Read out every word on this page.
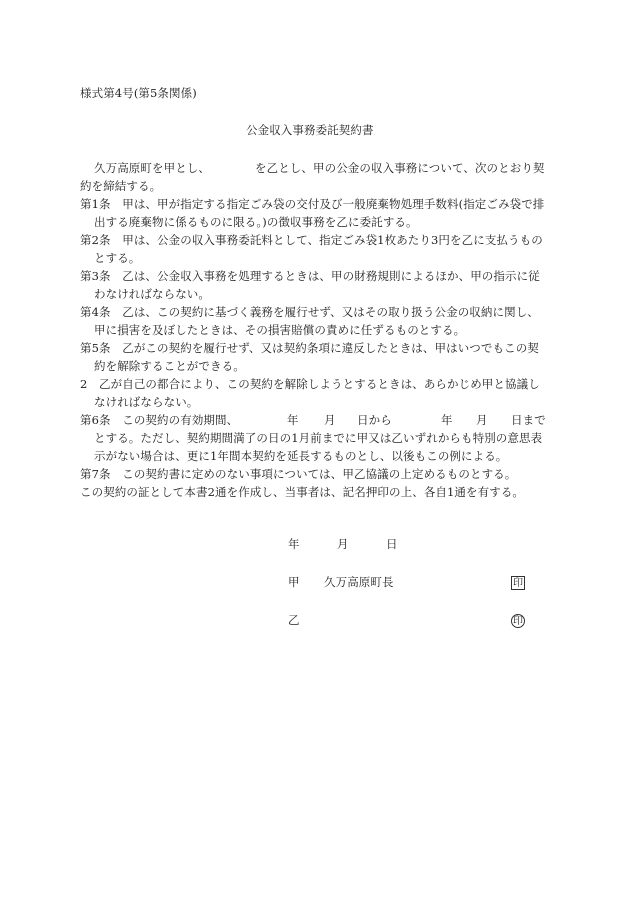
様式第4号(第5条関係)
公金収入事務委託契約書
久万高原町を甲とし、	を乙とし、甲の公金の収入事務について、次のとおり契
約を締結する。
第1条　甲は、甲が指定する指定ごみ袋の交付及び一般廃棄物処理手数料(指定ごみ袋で排
出する廃棄物に係るものに限る。)の徴収事務を乙に委託する。
第2条　甲は、公金の収入事務委託料として、指定ごみ袋1枚あたり3円を乙に支払うもの
とする。
第3条　乙は、公金収入事務を処理するときは、甲の財務規則によるほか、甲の指示に従
わなければならない。
第4条　乙は、この契約に基づく義務を履行せず、又はその取り扱う公金の収納に関し、
甲に損害を及ぼしたときは、その損害賠償の責めに任ずるものとする。
第5条　乙がこの契約を履行せず、又は契約条項に違反したときは、甲はいつでもこの契
約を解除することができる。
2　乙が自己の都合により、この契約を解除しようとするときは、あらかじめ甲と協議し
なければならない。
第6条　この契約の有効期間、	年 月 日から	年 月 日まで
とする。ただし、契約期間満了の日の1月前までに甲又は乙いずれからも特別の意思表
示がない場合は、更に1年間本契約を延長するものとし、以後もこの例による。
第7条　この契約書に定めのない事項については、甲乙協議の上定めるものとする。
この契約の証として本書2通を作成し、当事者は、記名押印の上、各自1通を有する。
年	月	日
甲 久万高原町長	印
乙	印
